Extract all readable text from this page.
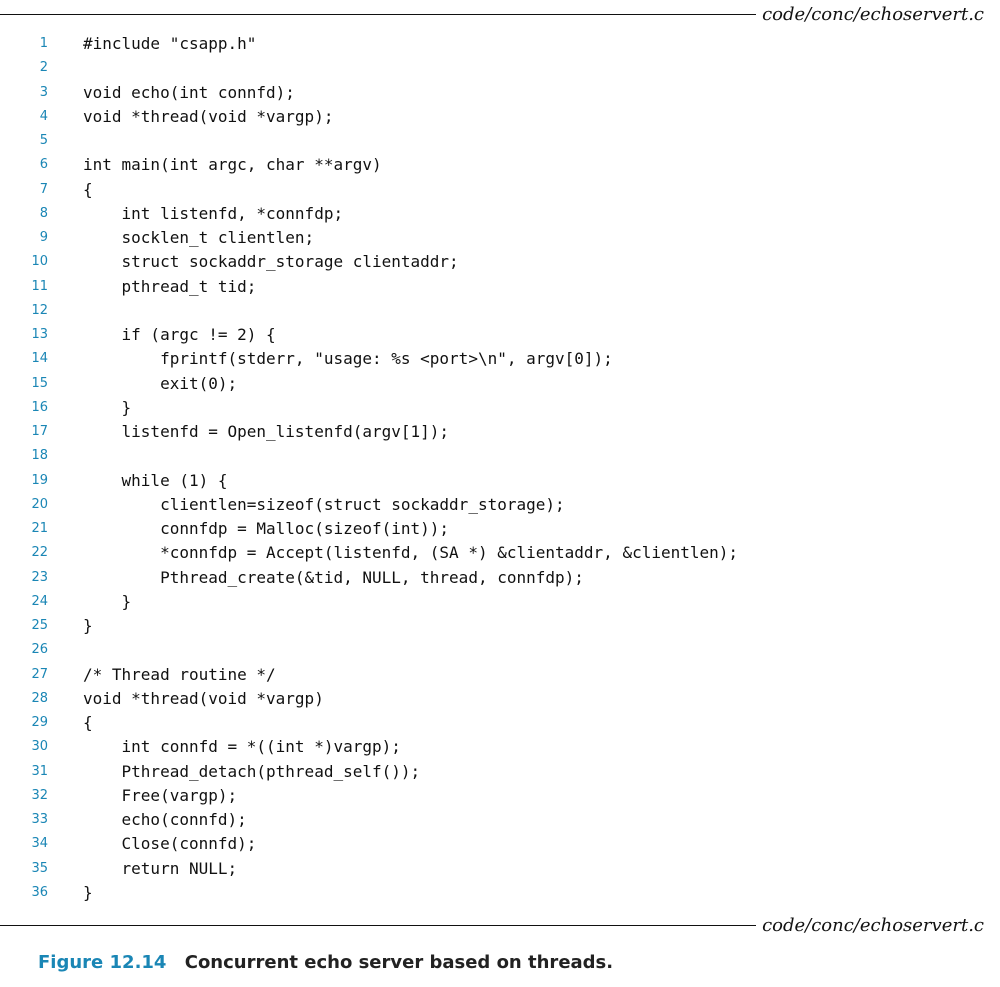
code/conc/echoservert.c
1 #include "csapp.h"
2
3 void echo(int connfd);
4 void *thread(void *vargp);
5
6 int main(int argc, char **argv)
7 {
8 int listenfd, *connfdp;
9 socklen_t clientlen;
10 struct sockaddr_storage clientaddr;
11 pthread_t tid;
12
13 if (argc != 2) {
14 fprintf(stderr, "usage: %s <port>\n", argv[0]);
15 exit(0);
16 }
17 listenfd = Open_listenfd(argv[1]);
18
19 while (1) {
20 clientlen=sizeof(struct sockaddr_storage);
21 connfdp = Malloc(sizeof(int));
22 *connfdp = Accept(listenfd, (SA *) &clientaddr, &clientlen);
23 Pthread_create(&tid, NULL, thread, connfdp);
24 }
25 }
26
27 /* Thread routine */
28 void *thread(void *vargp)
29 {
30 int connfd = *((int *)vargp);
31 Pthread_detach(pthread_self());
32 Free(vargp);
33 echo(connfd);
34 Close(connfd);
35 return NULL;
36 }
code/conc/echoservert.c
Figure 12.14 Concurrent echo server based on threads.
